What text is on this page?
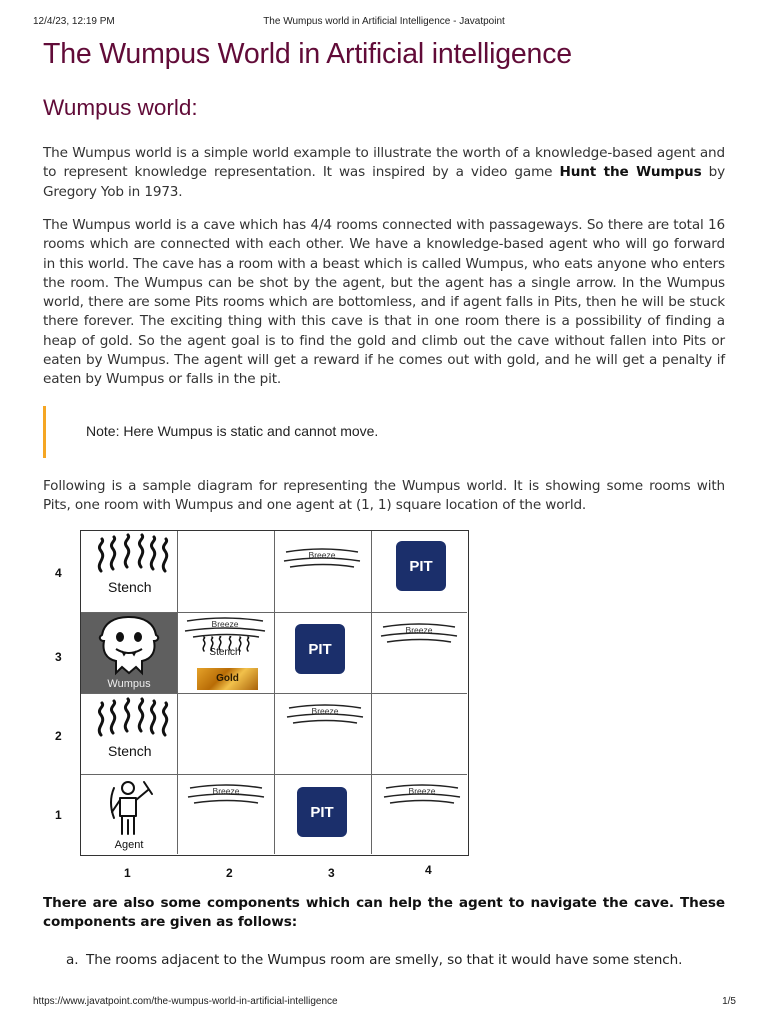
12/4/23, 12:19 PM	The Wumpus world in Artificial Intelligence - Javatpoint
The Wumpus World in Artificial intelligence
Wumpus world:

The Wumpus world is a simple world example to illustrate the worth of a knowledge-based agent and to represent knowledge representation. It was inspired by a video game Hunt the Wumpus by Gregory Yob in 1973.

The Wumpus world is a cave which has 4/4 rooms connected with passageways. So there are total 16 rooms which are connected with each other. We have a knowledge-based agent who will go forward in this world. The cave has a room with a beast which is called Wumpus, who eats anyone who enters the room. The Wumpus can be shot by the agent, but the agent has a single arrow. In the Wumpus world, there are some Pits rooms which are bottomless, and if agent falls in Pits, then he will be stuck there forever. The exciting thing with this cave is that in one room there is a possibility of finding a heap of gold. So the agent goal is to find the gold and climb out the cave without fallen into Pits or eaten by Wumpus. The agent will get a reward if he comes out with gold, and he will get a penalty if eaten by Wumpus or falls in the pit.

Note: Here Wumpus is static and cannot move.

Following is a sample diagram for representing the Wumpus world. It is showing some rooms with Pits, one room with Wumpus and one agent at (1, 1) square location of the world.

4
3
2
1
1	2	3	4
Stench
Stench
Wumpus
Breeze
Stench
Gold
Agent
PIT
PIT
PIT
Breeze
Breeze
Breeze
Breeze	Breeze

There are also some components which can help the agent to navigate the cave. These components are given as follows:

a. The rooms adjacent to the Wumpus room are smelly, so that it would have some stench.
https://www.javatpoint.com/the-wumpus-world-in-artificial-intelligence	1/5
